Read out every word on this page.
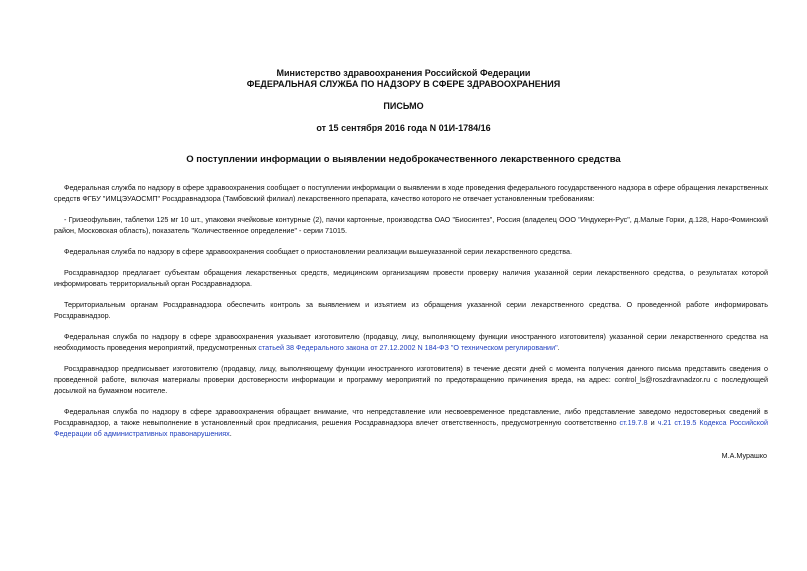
Министерство здравоохранения Российской Федерации
ФЕДЕРАЛЬНАЯ СЛУЖБА ПО НАДЗОРУ В СФЕРЕ ЗДРАВООХРАНЕНИЯ
ПИСЬМО
от 15 сентября 2016 года N 01И-1784/16
О поступлении информации о выявлении недоброкачественного лекарственного средства

Федеральная служба по надзору в сфере здравоохранения сообщает о поступлении информации о выявлении в ходе проведения федерального государственного надзора в сфере обращения лекарственных средств ФГБУ "ИМЦЭУАОСМП" Росздравнадзора (Тамбовский филиал) лекарственного препарата, качество которого не отвечает установленным требованиям:

- Гризеофульвин, таблетки 125 мг 10 шт., упаковки ячейковые контурные (2), пачки картонные, производства ОАО "Биосинтез", Россия (владелец ООО "Индукерн-Рус", д.Малые Горки, д.128, Наро-Фоминский район, Московская область), показатель "Количественное определение" - серии 71015.

Федеральная служба по надзору в сфере здравоохранения сообщает о приостановлении реализации вышеуказанной серии лекарственного средства.

Росздравнадзор предлагает субъектам обращения лекарственных средств, медицинским организациям провести проверку наличия указанной серии лекарственного средства, о результатах которой информировать территориальный орган Росздравнадзора.

Территориальным органам Росздравнадзора обеспечить контроль за выявлением и изъятием из обращения указанной серии лекарственного средства. О проведенной работе информировать Росздравнадзор.

Федеральная служба по надзору в сфере здравоохранения указывает изготовителю (продавцу, лицу, выполняющему функции иностранного изготовителя) указанной серии лекарственного средства на необходимость проведения мероприятий, предусмотренных статьей 38 Федерального закона от 27.12.2002 N 184-ФЗ "О техническом регулировании".

Росздравнадзор предписывает изготовителю (продавцу, лицу, выполняющему функции иностранного изготовителя) в течение десяти дней с момента получения данного письма представить сведения о проведенной работе, включая материалы проверки достоверности информации и программу мероприятий по предотвращению причинения вреда, на адрес: control_ls@roszdravnadzor.ru с последующей досылкой на бумажном носителе.

Федеральная служба по надзору в сфере здравоохранения обращает внимание, что непредставление или несвоевременное представление, либо представление заведомо недостоверных сведений в Росздравнадзор, а также невыполнение в установленный срок предписания, решения Росздравнадзора влечет ответственность, предусмотренную соответственно ст.19.7.8 и ч.21 ст.19.5 Кодекса Российской Федерации об административных правонарушениях.

М.А.Мурашко
